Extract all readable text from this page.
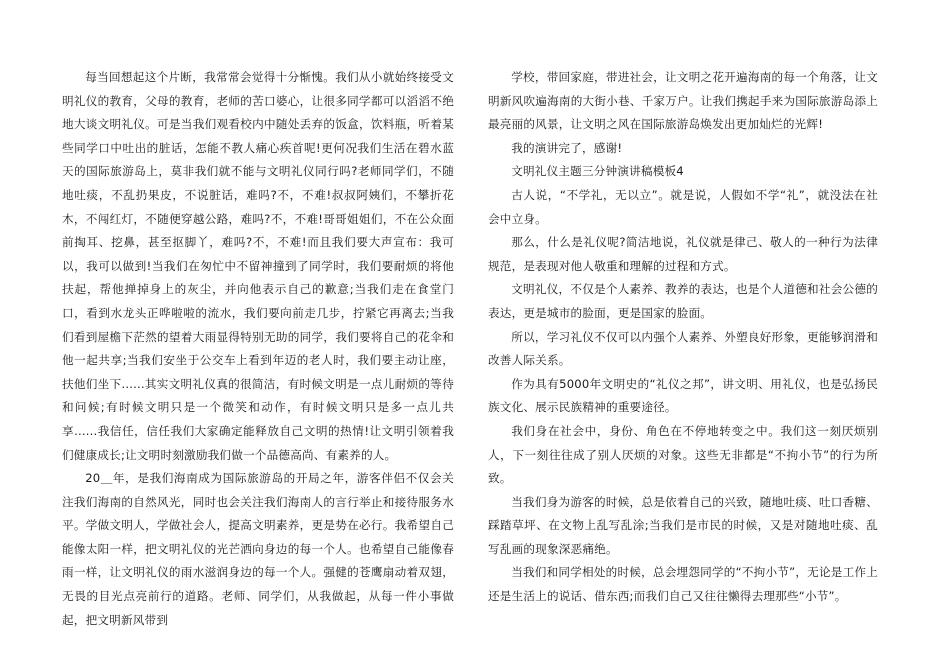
每当回想起这个片断，我常常会觉得十分惭愧。我们从小就始终接受文明礼仪的教育，父母的教育，老师的苦口婆心，让很多同学都可以滔滔不绝地大谈文明礼仪。可是当我们观看校内中随处丢弃的饭盒，饮料瓶，听着某些同学口中吐出的脏话，怎能不教人痛心疾首呢!更何况我们生活在碧水蓝天的国际旅游岛上，莫非我们就不能与文明礼仪同行吗?老师同学们，不随地吐痰，不乱扔果皮，不说脏话，难吗?不，不难!叔叔阿姨们，不攀折花木，不闯红灯，不随便穿越公路，难吗?不，不难!哥哥姐姐们，不在公众面前掏耳、挖鼻，甚至抠脚丫，难吗?不，不难!而且我们要大声宣布：我可以，我可以做到!当我们在匆忙中不留神撞到了同学时，我们要耐烦的将他扶起，帮他掸掉身上的灰尘，并向他表示自己的歉意;当我们走在食堂门口，看到水龙头正哗啦啦的流水，我们要向前走几步，拧紧它再离去;当我们看到屋檐下茫然的望着大雨显得特别无助的同学，我们要将自己的花伞和他一起共享;当我们安坐于公交车上看到年迈的老人时，我们要主动让座，扶他们坐下......其实文明礼仪真的很简洁，有时候文明是一点儿耐烦的等待和问候;有时候文明只是一个微笑和动作，有时候文明只是多一点儿共享......我信任，信任我们大家确定能释放自己文明的热情!让文明引领着我们健康成长;让文明时刻激励我们做一个品德高尚、有素养的人。

20＿年，是我们海南成为国际旅游岛的开局之年，游客伴侣不仅会关注我们海南的自然风光，同时也会关注我们海南人的言行举止和接待服务水平。学做文明人，学做社会人，提高文明素养，更是势在必行。我希望自己能像太阳一样，把文明礼仪的光芒洒向身边的每一个人。也希望自己能像春雨一样，让文明礼仪的雨水滋润身边的每一个人。强健的苍鹰扇动着双翅，无畏的目光点亮前行的道路。老师、同学们，从我做起，从每一件小事做起，把文明新风带到

学校，带回家庭，带进社会，让文明之花开遍海南的每一个角落，让文明新风吹遍海南的大街小巷、千家万户。让我们携起手来为国际旅游岛添上最亮丽的风景，让文明之风在国际旅游岛焕发出更加灿烂的光辉!

我的演讲完了，感谢!

文明礼仪主题三分钟演讲稿模板4

古人说，“不学礼，无以立”。就是说，人假如不学“礼”，就没法在社会中立身。

那么，什么是礼仪呢?简洁地说，礼仪就是律己、敬人的一种行为法律规范，是表现对他人敬重和理解的过程和方式。

文明礼仪，不仅是个人素养、教养的表达，也是个人道德和社会公德的表达，更是城市的脸面，更是国家的脸面。

所以，学习礼仪不仅可以内强个人素养、外塑良好形象，更能够润滑和改善人际关系。

作为具有5000年文明史的“礼仪之邦”，讲文明、用礼仪，也是弘扬民族文化、展示民族精神的重要途径。

我们身在社会中，身份、角色在不停地转变之中。我们这一刻厌烦别人，下一刻往往成了别人厌烦的对象。这些无非都是“不拘小节”的行为所致。

当我们身为游客的时候，总是依着自己的兴致，随地吐痰、吐口香糖、踩踏草坪、在文物上乱写乱涂;当我们是市民的时候，又是对随地吐痰、乱写乱画的现象深恶痛绝。

当我们和同学相处的时候，总会埋怨同学的“不拘小节”，无论是工作上还是生活上的说话、借东西;而我们自己又往往懒得去理那些“小节”。
